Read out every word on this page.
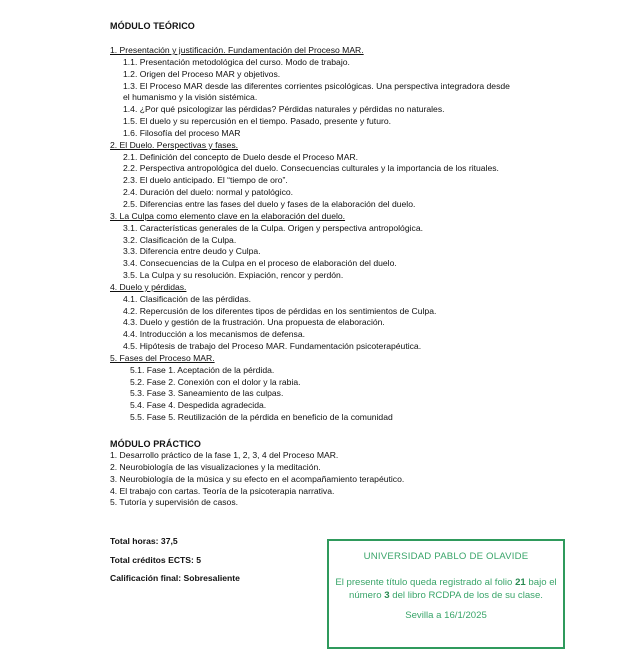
MÓDULO TEÓRICO
1. Presentación y justificación. Fundamentación del Proceso MAR.
1.1. Presentación metodológica del curso. Modo de trabajo.
1.2. Origen del Proceso MAR y objetivos.
1.3. El Proceso MAR desde las diferentes corrientes psicológicas. Una perspectiva integradora desde
el humanismo y la visión sistémica.
1.4. ¿Por qué psicologizar las pérdidas? Pérdidas naturales y pérdidas no naturales.
1.5. El duelo y su repercusión en el tiempo. Pasado, presente y futuro.
1.6. Filosofía del proceso MAR
2. El Duelo. Perspectivas y fases.
2.1. Definición del concepto de Duelo desde el Proceso MAR.
2.2. Perspectiva antropológica del duelo. Consecuencias culturales y la importancia de los rituales.
2.3. El duelo anticipado. El “tiempo de oro”.
2.4. Duración del duelo: normal y patológico.
2.5. Diferencias entre las fases del duelo y fases de la elaboración del duelo.
3. La Culpa como elemento clave en la elaboración del duelo.
3.1. Características generales de la Culpa. Origen y perspectiva antropológica.
3.2. Clasificación de la Culpa.
3.3. Diferencia entre deudo y Culpa.
3.4. Consecuencias de la Culpa en el proceso de elaboración del duelo.
3.5. La Culpa y su resolución. Expiación, rencor y perdón.
4. Duelo y pérdidas.
4.1. Clasificación de las pérdidas.
4.2. Repercusión de los diferentes tipos de pérdidas en los sentimientos de Culpa.
4.3. Duelo y gestión de la frustración. Una propuesta de elaboración.
4.4. Introducción a los mecanismos de defensa.
4.5. Hipótesis de trabajo del Proceso MAR. Fundamentación psicoterapéutica.
5. Fases del Proceso MAR.
5.1. Fase 1. Aceptación de la pérdida.
5.2. Fase 2. Conexión con el dolor y la rabia.
5.3. Fase 3. Saneamiento de las culpas.
5.4. Fase 4. Despedida agradecida.
5.5. Fase 5. Reutilización de la pérdida en beneficio de la comunidad
MÓDULO PRÁCTICO
1. Desarrollo práctico de la fase 1, 2, 3, 4 del Proceso MAR.
2. Neurobiología de las visualizaciones y la meditación.
3. Neurobiología de la música y su efecto en el acompañamiento terapéutico.
4. El trabajo con cartas. Teoría de la psicoterapia narrativa.
5. Tutoría y supervisión de casos.
Total horas: 37,5
Total créditos ECTS: 5
Calificación final: Sobresaliente
UNIVERSIDAD PABLO DE OLAVIDE
El presente título queda registrado al folio 21 bajo el número 3 del libro RCDPA de los de su clase.
Sevilla a 16/1/2025
